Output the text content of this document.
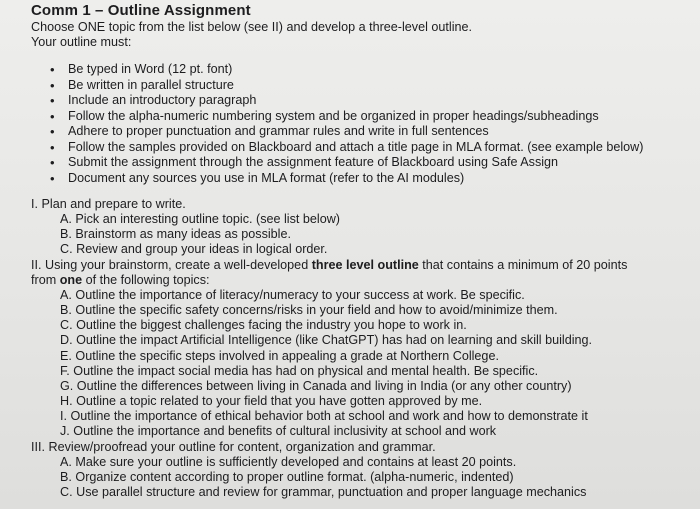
Comm 1 – Outline Assignment
Choose ONE topic from the list below (see II) and develop a three-level outline.
Your outline must:
• Be typed in Word (12 pt. font)
• Be written in parallel structure
• Include an introductory paragraph
• Follow the alpha-numeric numbering system and be organized in proper headings/subheadings
• Adhere to proper punctuation and grammar rules and write in full sentences
• Follow the samples provided on Blackboard and attach a title page in MLA format. (see example below)
• Submit the assignment through the assignment feature of Blackboard using Safe Assign
• Document any sources you use in MLA format (refer to the AI modules)
I. Plan and prepare to write.
A. Pick an interesting outline topic. (see list below)
B. Brainstorm as many ideas as possible.
C. Review and group your ideas in logical order.
II. Using your brainstorm, create a well-developed three level outline that contains a minimum of 20 points
from one of the following topics:
A. Outline the importance of literacy/numeracy to your success at work. Be specific.
B. Outline the specific safety concerns/risks in your field and how to avoid/minimize them.
C. Outline the biggest challenges facing the industry you hope to work in.
D. Outline the impact Artificial Intelligence (like ChatGPT) has had on learning and skill building.
E. Outline the specific steps involved in appealing a grade at Northern College.
F. Outline the impact social media has had on physical and mental health. Be specific.
G. Outline the differences between living in Canada and living in India (or any other country)
H. Outline a topic related to your field that you have gotten approved by me.
I. Outline the importance of ethical behavior both at school and work and how to demonstrate it
J. Outline the importance and benefits of cultural inclusivity at school and work
III. Review/proofread your outline for content, organization and grammar.
A. Make sure your outline is sufficiently developed and contains at least 20 points.
B. Organize content according to proper outline format. (alpha-numeric, indented)
C. Use parallel structure and review for grammar, punctuation and proper language mechanics
